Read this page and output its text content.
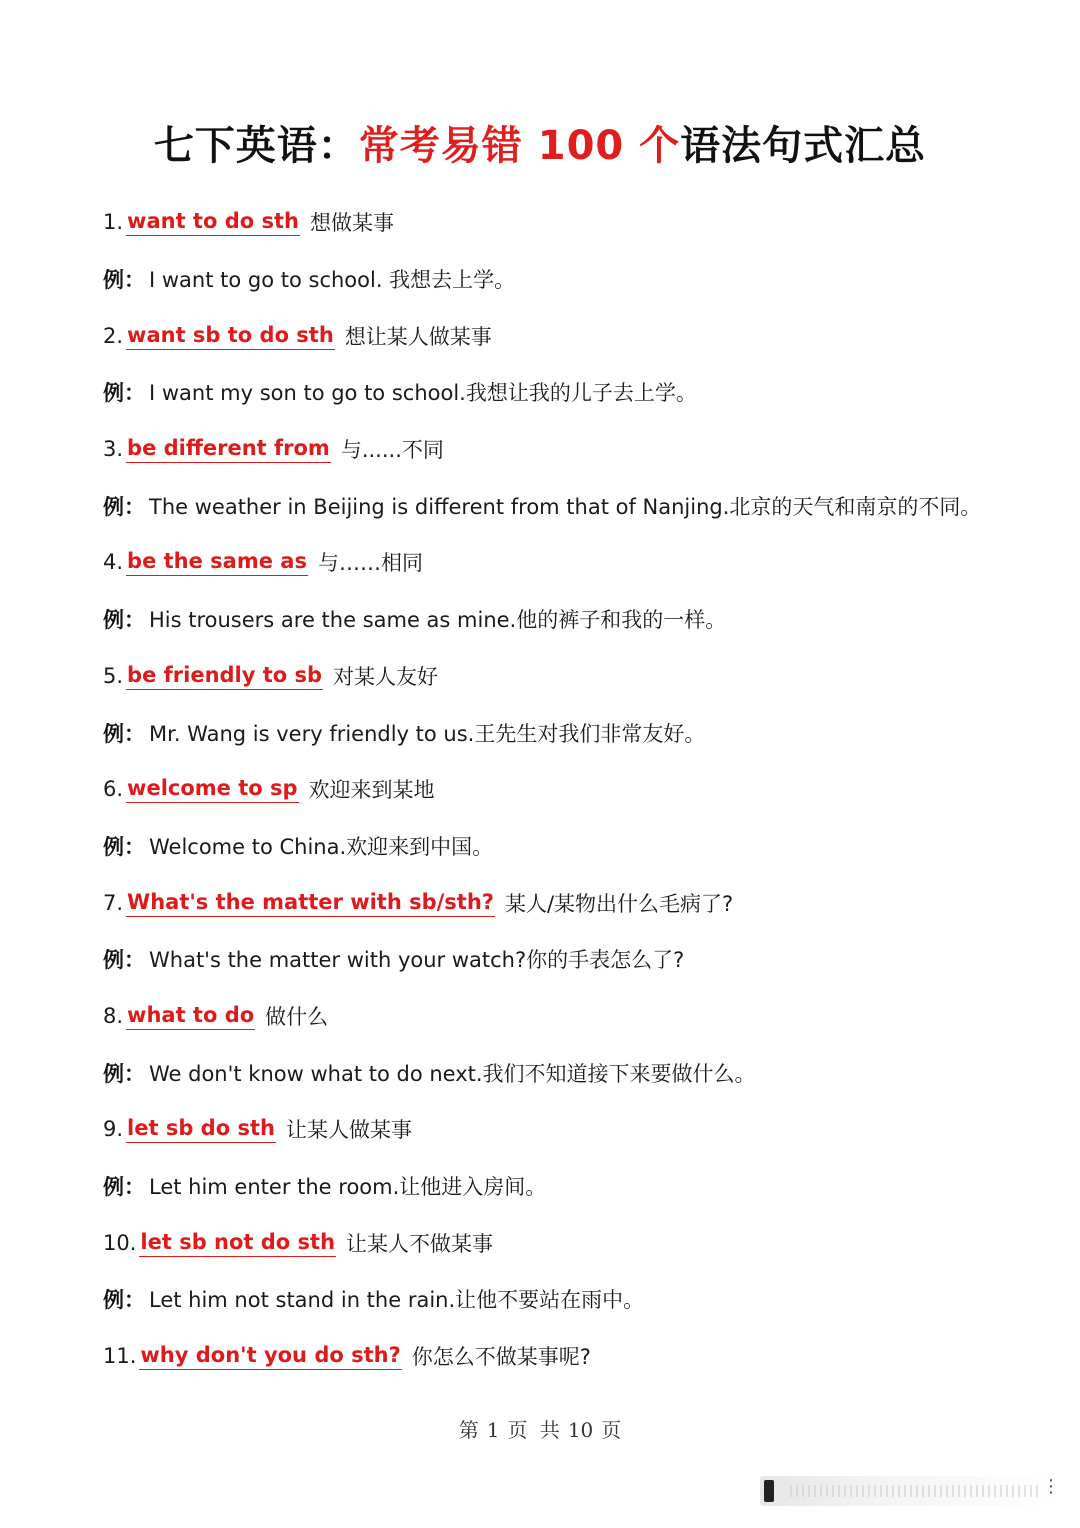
七下英语：常考易错 100 个语法句式汇总
1. want to do sth 想做某事
例： I want to go to school. 我想去上学。
2. want sb to do sth 想让某人做某事
例： I want my son to go to school.我想让我的儿子去上学。
3. be different from 与......不同
例： The weather in Beijing is different from that of Nanjing.北京的天气和南京的不同。
4. be the same as 与……相同
例： His trousers are the same as mine.他的裤子和我的一样。
5. be friendly to sb 对某人友好
例： Mr. Wang is very friendly to us.王先生对我们非常友好。
6. welcome to sp 欢迎来到某地
例： Welcome to China.欢迎来到中国。
7. What's the matter with sb/sth? 某人/某物出什么毛病了?
例： What's the matter with your watch?你的手表怎么了?
8. what to do 做什么
例： We don't know what to do next.我们不知道接下来要做什么。
9. let sb do sth 让某人做某事
例： Let him enter the room.让他进入房间。
10. let sb not do sth 让某人不做某事
例： Let him not stand in the rain.让他不要站在雨中。
11. why don't you do sth? 你怎么不做某事呢?
第 1 页 共 10 页
⋮
